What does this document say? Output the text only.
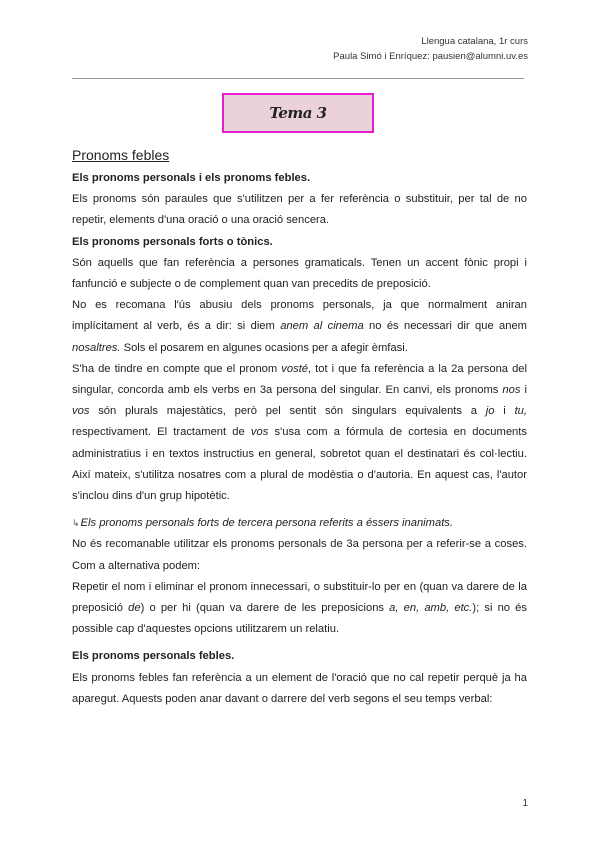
Llengua catalana, 1r curs
Paula Simó i Enríquez: pausien@alumni.uv.es
Tema 3

Pronoms febles

Els pronoms personals i els pronoms febles.

Els pronoms són paraules que s'utilitzen per a fer referència o substituir, per tal de no repetir, elements d'una oració o una oració sencera.

Els pronoms personals forts o tònics.

Són aquells que fan referència a persones gramaticals. Tenen un accent fònic propi i fanfunció e subjecte o de complement quan van precedits de preposició.

No es recomana l'ús abusiu dels pronoms personals, ja que normalment aniran implícitament al verb, és a dir: si diem anem al cinema no és necessari dir que anem nosaltres. Sols el posarem en algunes ocasions per a afegir èmfasi.

S'ha de tindre en compte que el pronom vosté, tot i que fa referència a la 2a persona del singular, concorda amb els verbs en 3a persona del singular. En canvi, els pronoms nos i vos són plurals majestàtics, però pel sentit són singulars equivalents a jo i tu, respectivament. El tractament de vos s'usa com a fórmula de cortesia en documents administratius i en textos instructius en general, sobretot quan el destinatari és col·lectiu. Així mateix, s'utilitza nosatres com a plural de modèstia o d'autoria. En aquest cas, l'autor s'inclou dins d'un grup hipotètic.

↳Els pronoms personals forts de tercera persona referits a éssers inanimats.

No és recomanable utilitzar els pronoms personals de 3a persona per a referir-se a coses. Com a alternativa podem:

Repetir el nom i eliminar el pronom innecessari, o substituir-lo per en (quan va darere de la preposició de) o per hi (quan va darere de les preposicions a, en, amb, etc.); si no és possible cap d'aquestes opcions utilitzarem un relatiu.

Els pronoms personals febles.

Els pronoms febles fan referència a un element de l'oració que no cal repetir perquè ja ha aparegut. Aquests poden anar davant o darrere del verb segons el seu temps verbal:

1
